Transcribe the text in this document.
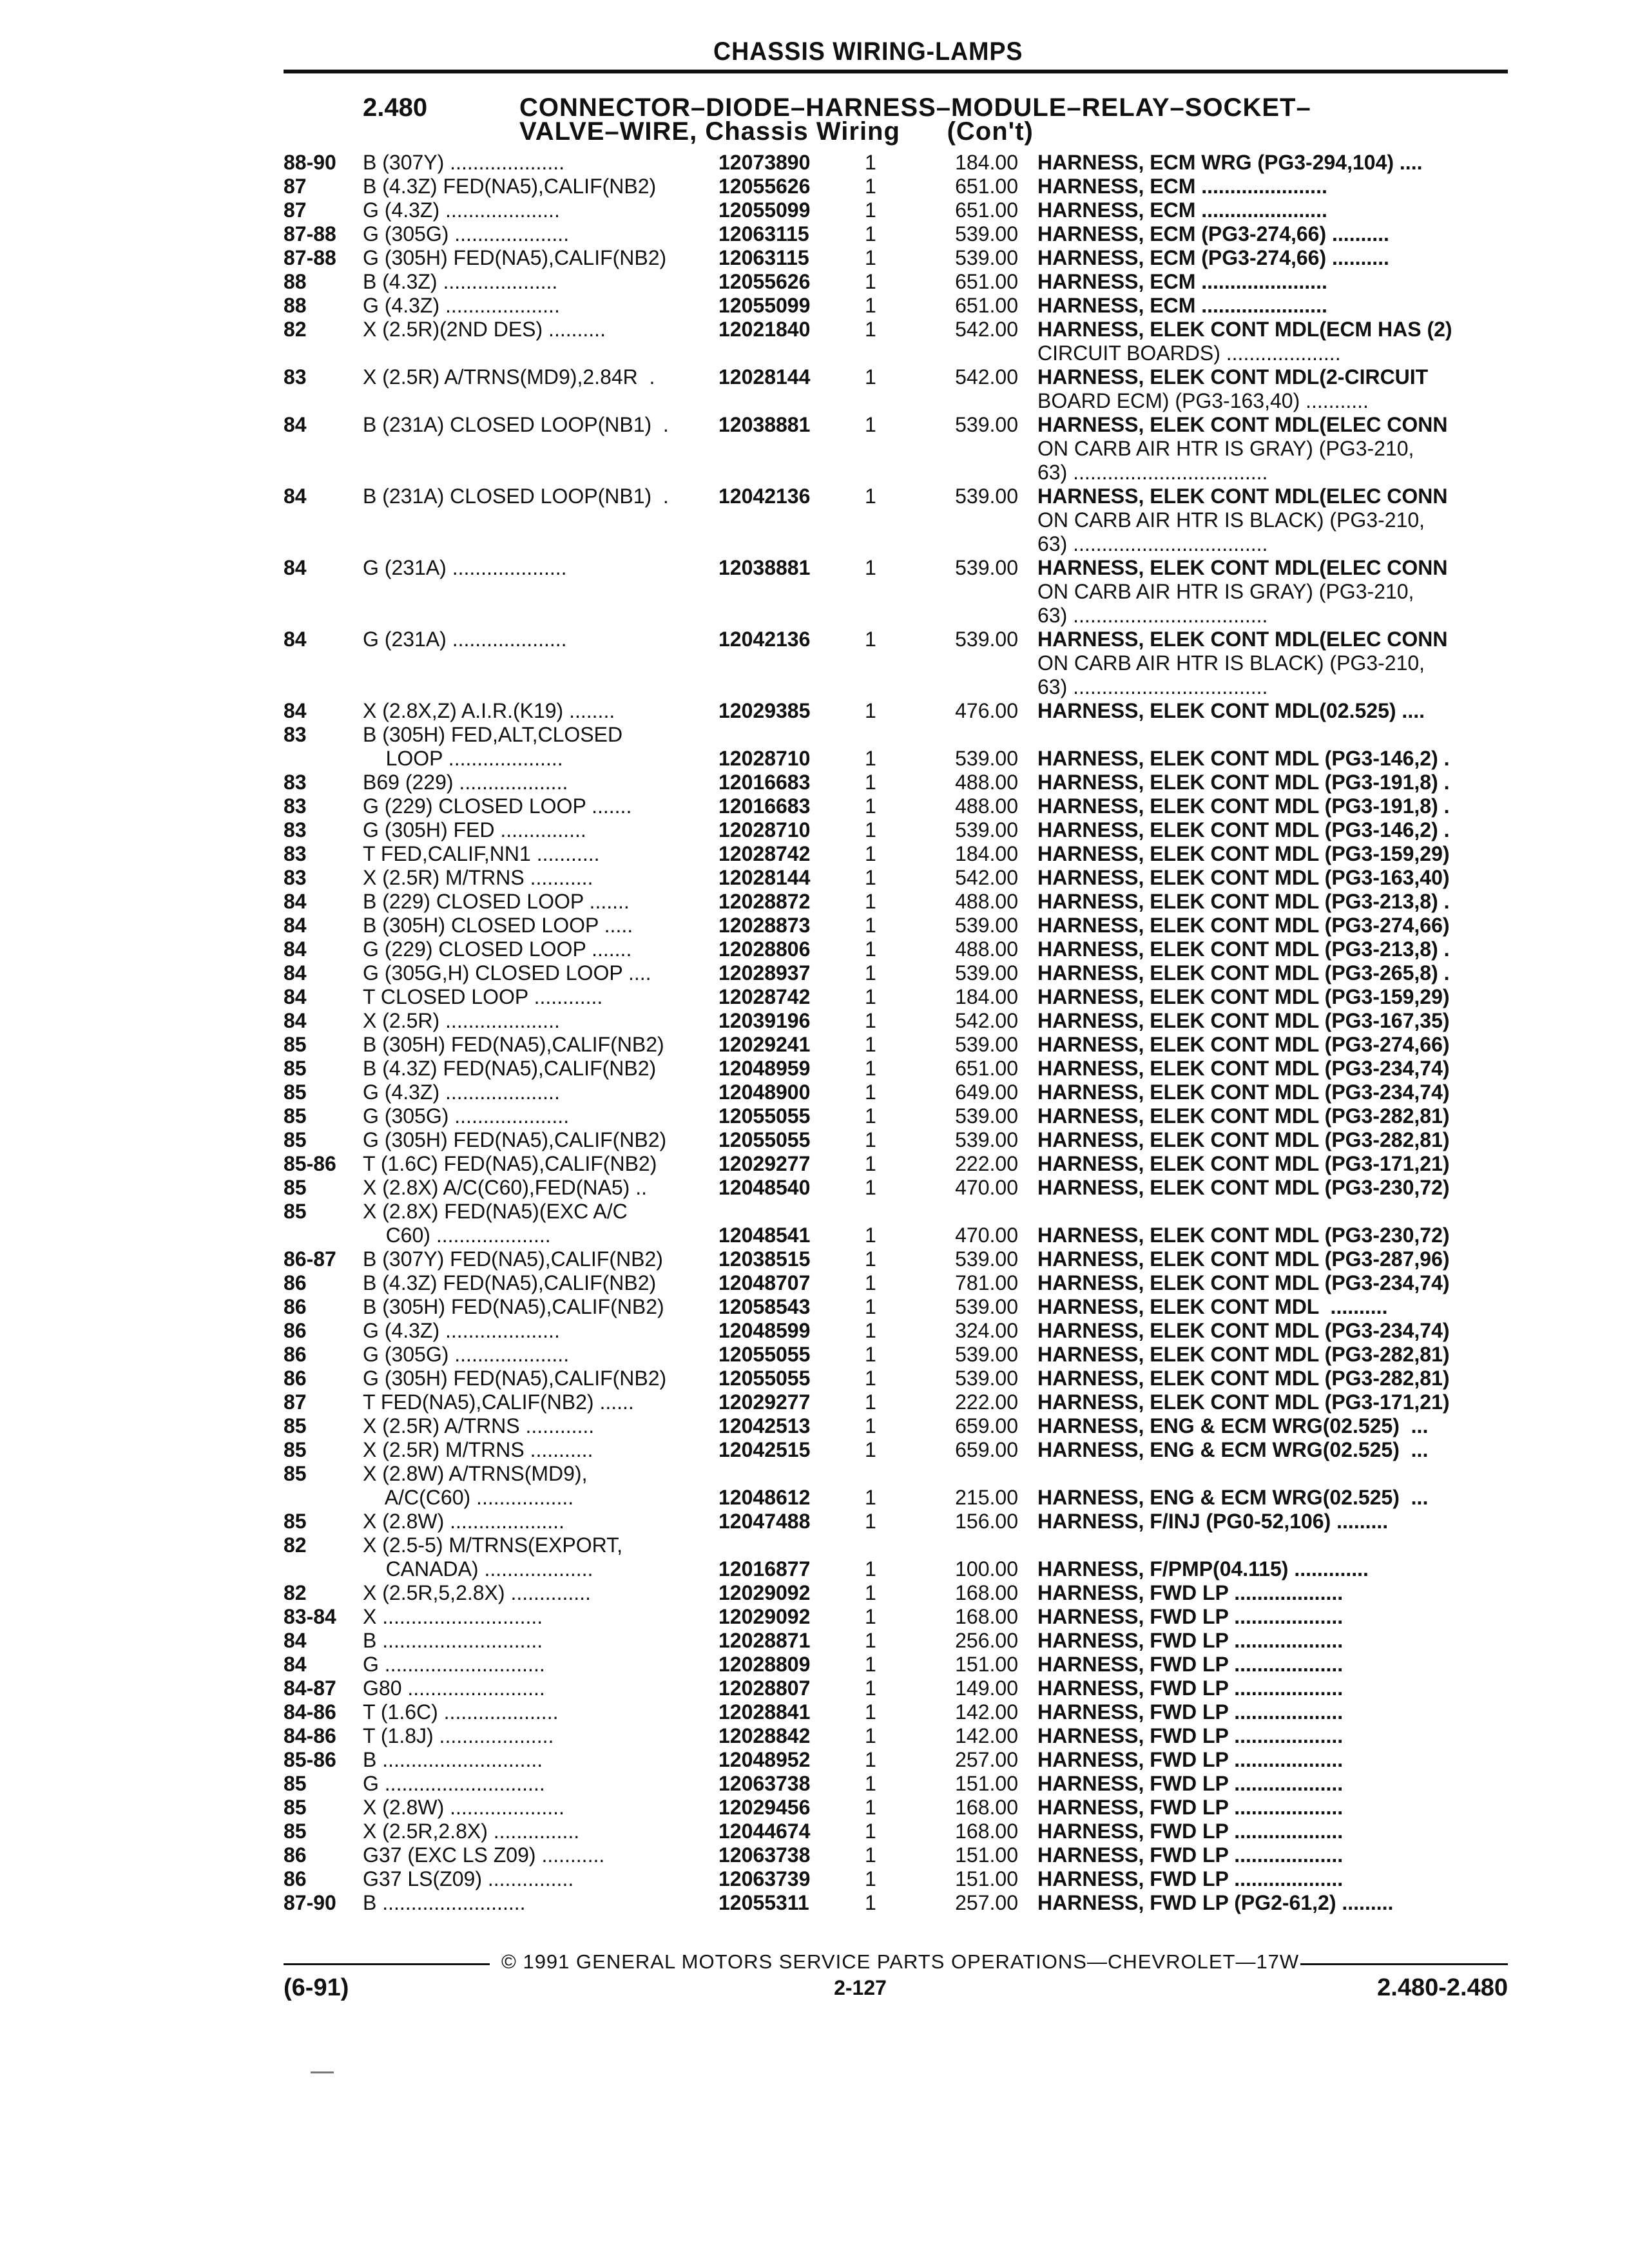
CHASSIS WIRING-LAMPS
2.480	CONNECTOR–DIODE–HARNESS–MODULE–RELAY–SOCKET–
VALVE–WIRE, Chassis Wiring      (Con't)
88-90	B (307Y) ....................	12073890	1	184.00 HARNESS, ECM WRG (PG3-294,104) ....
87	B (4.3Z) FED(NA5),CALIF(NB2)	12055626	1	651.00 HARNESS, ECM ......................
87	G (4.3Z) ....................	12055099	1	651.00 HARNESS, ECM ......................
87-88	G (305G) ....................	12063115	1	539.00 HARNESS, ECM (PG3-274,66) ..........
87-88	G (305H) FED(NA5),CALIF(NB2)	12063115	1	539.00 HARNESS, ECM (PG3-274,66) ..........
88	B (4.3Z) ....................	12055626	1	651.00 HARNESS, ECM ......................
88	G (4.3Z) ....................	12055099	1	651.00 HARNESS, ECM ......................
82	X (2.5R)(2ND DES) ..........	12021840	1	542.00 HARNESS, ELEK CONT MDL(ECM HAS (2)
CIRCUIT BOARDS) ....................
83	X (2.5R) A/TRNS(MD9),2.84R  .	12028144	1	542.00 HARNESS, ELEK CONT MDL(2-CIRCUIT
BOARD ECM) (PG3-163,40) ...........
84	B (231A) CLOSED LOOP(NB1)  .	12038881	1	539.00 HARNESS, ELEK CONT MDL(ELEC CONN
ON CARB AIR HTR IS GRAY) (PG3-210,
63) ..................................
84	B (231A) CLOSED LOOP(NB1)  .	12042136	1	539.00 HARNESS, ELEK CONT MDL(ELEC CONN
ON CARB AIR HTR IS BLACK) (PG3-210,
63) ..................................
84	G (231A) ....................	12038881	1	539.00 HARNESS, ELEK CONT MDL(ELEC CONN
ON CARB AIR HTR IS GRAY) (PG3-210,
63) ..................................
84	G (231A) ....................	12042136	1	539.00 HARNESS, ELEK CONT MDL(ELEC CONN
ON CARB AIR HTR IS BLACK) (PG3-210,
63) ..................................
84	X (2.8X,Z) A.I.R.(K19) ........	12029385	1	476.00 HARNESS, ELEK CONT MDL(02.525) ....
83	B (305H) FED,ALT,CLOSED
LOOP ....................	12028710	1	539.00 HARNESS, ELEK CONT MDL (PG3-146,2) .
83	B69 (229) ...................	12016683	1	488.00 HARNESS, ELEK CONT MDL (PG3-191,8) .
83	G (229) CLOSED LOOP .......	12016683	1	488.00 HARNESS, ELEK CONT MDL (PG3-191,8) .
83	G (305H) FED ...............	12028710	1	539.00 HARNESS, ELEK CONT MDL (PG3-146,2) .
83	T FED,CALIF,NN1 ...........	12028742	1	184.00 HARNESS, ELEK CONT MDL (PG3-159,29)
83	X (2.5R) M/TRNS ...........	12028144	1	542.00 HARNESS, ELEK CONT MDL (PG3-163,40)
84	B (229) CLOSED LOOP .......	12028872	1	488.00 HARNESS, ELEK CONT MDL (PG3-213,8) .
84	B (305H) CLOSED LOOP .....	12028873	1	539.00 HARNESS, ELEK CONT MDL (PG3-274,66)
84	G (229) CLOSED LOOP .......	12028806	1	488.00 HARNESS, ELEK CONT MDL (PG3-213,8) .
84	G (305G,H) CLOSED LOOP ....	12028937	1	539.00 HARNESS, ELEK CONT MDL (PG3-265,8) .
84	T CLOSED LOOP ............	12028742	1	184.00 HARNESS, ELEK CONT MDL (PG3-159,29)
84	X (2.5R) ....................	12039196	1	542.00 HARNESS, ELEK CONT MDL (PG3-167,35)
85	B (305H) FED(NA5),CALIF(NB2)	12029241	1	539.00 HARNESS, ELEK CONT MDL (PG3-274,66)
85	B (4.3Z) FED(NA5),CALIF(NB2)	12048959	1	651.00 HARNESS, ELEK CONT MDL (PG3-234,74)
85	G (4.3Z) ....................	12048900	1	649.00 HARNESS, ELEK CONT MDL (PG3-234,74)
85	G (305G) ....................	12055055	1	539.00 HARNESS, ELEK CONT MDL (PG3-282,81)
85	G (305H) FED(NA5),CALIF(NB2)	12055055	1	539.00 HARNESS, ELEK CONT MDL (PG3-282,81)
85-86	T (1.6C) FED(NA5),CALIF(NB2)	12029277	1	222.00 HARNESS, ELEK CONT MDL (PG3-171,21)
85	X (2.8X) A/C(C60),FED(NA5) ..	12048540	1	470.00 HARNESS, ELEK CONT MDL (PG3-230,72)
85	X (2.8X) FED(NA5)(EXC A/C
C60) ....................	12048541	1	470.00 HARNESS, ELEK CONT MDL (PG3-230,72)
86-87	B (307Y) FED(NA5),CALIF(NB2)	12038515	1	539.00 HARNESS, ELEK CONT MDL (PG3-287,96)
86	B (4.3Z) FED(NA5),CALIF(NB2)	12048707	1	781.00 HARNESS, ELEK CONT MDL (PG3-234,74)
86	B (305H) FED(NA5),CALIF(NB2)	12058543	1	539.00 HARNESS, ELEK CONT MDL  ..........
86	G (4.3Z) ....................	12048599	1	324.00 HARNESS, ELEK CONT MDL (PG3-234,74)
86	G (305G) ....................	12055055	1	539.00 HARNESS, ELEK CONT MDL (PG3-282,81)
86	G (305H) FED(NA5),CALIF(NB2)	12055055	1	539.00 HARNESS, ELEK CONT MDL (PG3-282,81)
87	T FED(NA5),CALIF(NB2) ......	12029277	1	222.00 HARNESS, ELEK CONT MDL (PG3-171,21)
85	X (2.5R) A/TRNS ............	12042513	1	659.00 HARNESS, ENG & ECM WRG(02.525)  ...
85	X (2.5R) M/TRNS ...........	12042515	1	659.00 HARNESS, ENG & ECM WRG(02.525)  ...
85	X (2.8W) A/TRNS(MD9),
A/C(C60) .................	12048612	1	215.00 HARNESS, ENG & ECM WRG(02.525)  ...
85	X (2.8W) ....................	12047488	1	156.00 HARNESS, F/INJ (PG0-52,106) .........
82	X (2.5-5) M/TRNS(EXPORT,
CANADA) ...................	12016877	1	100.00 HARNESS, F/PMP(04.115) .............
82	X (2.5R,5,2.8X) ..............	12029092	1	168.00 HARNESS, FWD LP ...................
83-84	X ............................	12029092	1	168.00 HARNESS, FWD LP ...................
84	B ............................	12028871	1	256.00 HARNESS, FWD LP ...................
84	G ............................	12028809	1	151.00 HARNESS, FWD LP ...................
84-87	G80 ........................	12028807	1	149.00 HARNESS, FWD LP ...................
84-86	T (1.6C) ....................	12028841	1	142.00 HARNESS, FWD LP ...................
84-86	T (1.8J) ....................	12028842	1	142.00 HARNESS, FWD LP ...................
85-86	B ............................	12048952	1	257.00 HARNESS, FWD LP ...................
85	G ............................	12063738	1	151.00 HARNESS, FWD LP ...................
85	X (2.8W) ....................	12029456	1	168.00 HARNESS, FWD LP ...................
85	X (2.5R,2.8X) ...............	12044674	1	168.00 HARNESS, FWD LP ...................
86	G37 (EXC LS Z09) ...........	12063738	1	151.00 HARNESS, FWD LP ...................
86	G37 LS(Z09) ...............	12063739	1	151.00 HARNESS, FWD LP ...................
87-90	B .........................	12055311	1	257.00 HARNESS, FWD LP (PG2-61,2) .........
© 1991 GENERAL MOTORS SERVICE PARTS OPERATIONS—CHEVROLET—17W
(6-91)	2-127	2.480-2.480
